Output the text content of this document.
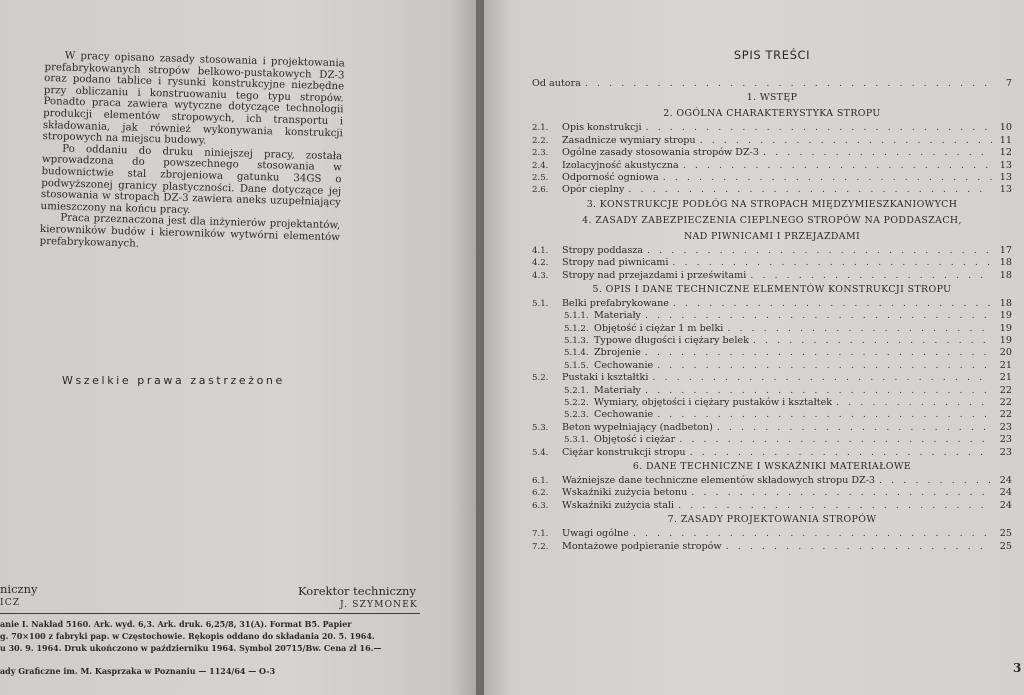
W pracy opisano zasady stosowania i projektowania prefabrykowanych stropów belkowo-pustakowych DZ-3 oraz podano tablice i rysunki konstrukcyjne niezbędne przy obliczaniu i konstruowaniu tego typu stropów. Ponadto praca zawiera wytyczne dotyczące technologii produkcji elementów stropowych, ich transportu i składowania, jak również wykonywania konstrukcji stropowych na miejscu budowy.

Po oddaniu do druku niniejszej pracy, została wprowadzona do powszechnego stosowania w budownictwie stal zbrojeniowa gatunku 34GS o podwyższonej granicy plastyczności. Dane dotyczące jej stosowania w stropach DZ-3 zawiera aneks uzupełniający umieszczony na końcu pracy.

Praca przeznaczona jest dla inżynierów projektantów, kierowników budów i kierowników wytwórni elementów prefabrykowanych.

Wszelkie prawa zastrzeżone
niczny
ICZ
Korektor techniczny
J. SZYMONEK
anie I. Nakład 5160. Ark. wyd. 6,3. Ark. druk. 6,25/8, 31(A). Format B5. Papier
g. 70×100 z fabryki pap. w Częstochowie. Rękopis oddano do składania 20. 5. 1964.
u 30. 9. 1964. Druk ukończono w październiku 1964. Symbol 20715/Bw. Cena zł 16.—
ady Graficzne im. M. Kasprzaka w Poznaniu — 1124/64 — O-3
SPIS TREŚCI
Od autora . . .	7
1. WSTĘP
2. OGÓLNA CHARAKTERYSTYKA STROPU
2.1.	Opis konstrukcji . . .	10
2.2.	Zasadnicze wymiary stropu . . .	11
2.3.	Ogólne zasady stosowania stropów DZ-3 . . .	12
2.4.	Izolacyjność akustyczna . . .	13
2.5.	Odporność ogniowa . . .	13
2.6.	Opór cieplny . . .	13
3. KONSTRUKCJE PODŁÓG NA STROPACH MIĘDZYMIESZKANIOWYCH
4. ZASADY ZABEZPIECZENIA CIEPLNEGO STROPÓW NA PODDASZACH,
NAD PIWNICAMI I PRZEJAZDAMI
4.1.	Stropy poddasza . . .	17
4.2.	Stropy nad piwnicami . . .	18
4.3.	Stropy nad przejazdami i prześwitami . . .	18
5. OPIS I DANE TECHNICZNE ELEMENTÓW KONSTRUKCJI STROPU
5.1.	Belki prefabrykowane . . .	18
5.1.1. Materiały . . .	19
5.1.2. Objętość i ciężar 1 m belki . . .	19
5.1.3. Typowe długości i ciężary belek . . .	19
5.1.4. Zbrojenie . . .	20
5.1.5. Cechowanie . . .	21
5.2.	Pustaki i kształtki . . .	21
5.2.1. Materiały . . .	22
5.2.2. Wymiary, objętości i ciężary pustaków i kształtek . . .	22
5.2.3. Cechowanie . . .	22
5.3.	Beton wypełniający (nadbeton) . . .	23
5.3.1. Objętość i ciężar . . .	23
5.4.	Ciężar konstrukcji stropu . . .	23
6. DANE TECHNICZNE I WSKAŹNIKI MATERIAŁOWE
6.1.	Ważniejsze dane techniczne elementów składowych stropu DZ-3 . . .	24
6.2.	Wskaźniki zużycia betonu . . .	24
6.3.	Wskaźniki zużycia stali . . .	24
7. ZASADY PROJEKTOWANIA STROPÓW
7.1.	Uwagi ogólne . . .	25
7.2.	Montażowe podpieranie stropów . . .	25
3
